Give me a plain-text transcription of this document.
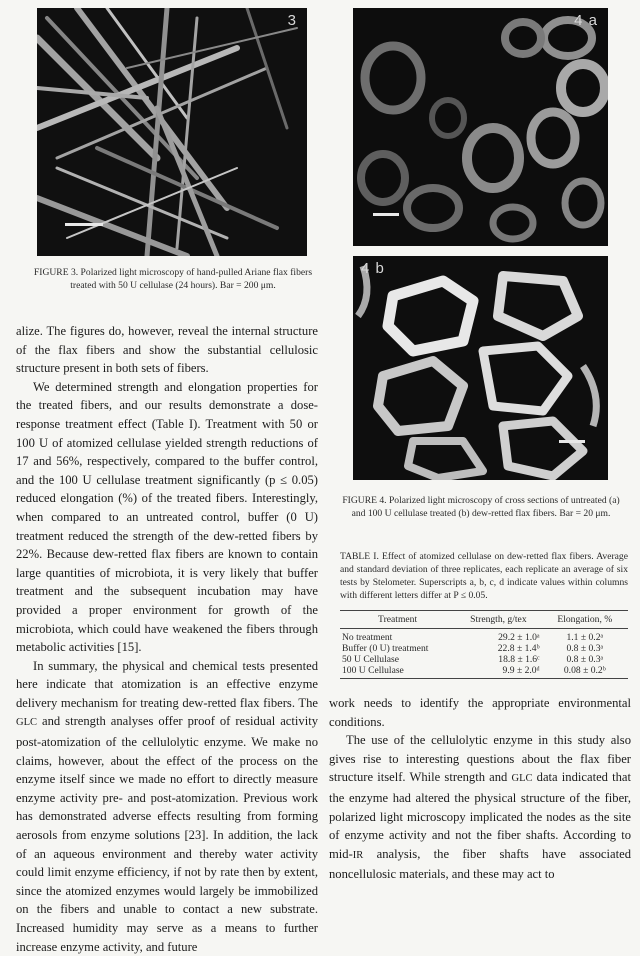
3
FIGURE 3. Polarized light microscopy of hand-pulled Ariane flax fibers treated with 50 U cellulase (24 hours). Bar = 200 μm.
4 a
4 b
FIGURE 4. Polarized light microscopy of cross sections of untreated (a) and 100 U cellulase treated (b) dew-retted flax fibers. Bar = 20 μm.

alize. The figures do, however, reveal the internal structure of the flax fibers and show the substantial cellulosic structure present in both sets of fibers.

We determined strength and elongation properties for the treated fibers, and our results demonstrate a dose-response treatment effect (Table I). Treatment with 50 or 100 U of atomized cellulase yielded strength reductions of 17 and 56%, respectively, compared to the buffer control, and the 100 U cellulase treatment significantly (p ≤ 0.05) reduced elongation (%) of the treated fibers. Interestingly, when compared to an untreated control, buffer (0 U) treatment reduced the strength of the dew-retted fibers by 22%. Because dew-retted flax fibers are known to contain large quantities of microbiota, it is very likely that buffer treatment and the subsequent incubation may have provided a proper environment for growth of the microbiota, which could have weakened the fibers through metabolic activities [15].

In summary, the physical and chemical tests presented here indicate that atomization is an effective enzyme delivery mechanism for treating dew-retted flax fibers. The GLC and strength analyses offer proof of residual activity post-atomization of the cellulolytic enzyme. We make no claims, however, about the effect of the process on the enzyme itself since we made no effort to directly measure enzyme activity pre- and post-atomization. Previous work has demonstrated adverse effects resulting from forming aerosols from enzyme solutions [23]. In addition, the lack of an aqueous environment and thereby water activity could limit enzyme efficiency, if not by rate then by extent, since the atomized enzymes would largely be immobilized on the fibers and unable to contact a new substrate. Increased humidity may serve as a means to further increase enzyme activity, and future

TABLE I. Effect of atomized cellulase on dew-retted flax fibers. Average and standard deviation of three replicates, each replicate an average of six tests by Stelometer. Superscripts a, b, c, d indicate values within columns with different letters differ at P ≤ 0.05.
Treatment	Strength, g/tex	Elongation, %
No treatment	29.2 ± 1.0ᵃ	1.1 ± 0.2ᵃ
Buffer (0 U) treatment	22.8 ± 1.4ᵇ	0.8 ± 0.3ᵃ
50 U Cellulase	18.8 ± 1.6ᶜ	0.8 ± 0.3ᵃ
100 U Cellulase	9.9 ± 2.0ᵈ	0.08 ± 0.2ᵇ

work needs to identify the appropriate environmental conditions.

The use of the cellulolytic enzyme in this study also gives rise to interesting questions about the flax fiber structure itself. While strength and GLC data indicated that the enzyme had altered the physical structure of the fiber, polarized light microscopy implicated the nodes as the site of enzyme activity and not the fiber shafts. According to mid-IR analysis, the fiber shafts have associated noncellulosic materials, and these may act to
